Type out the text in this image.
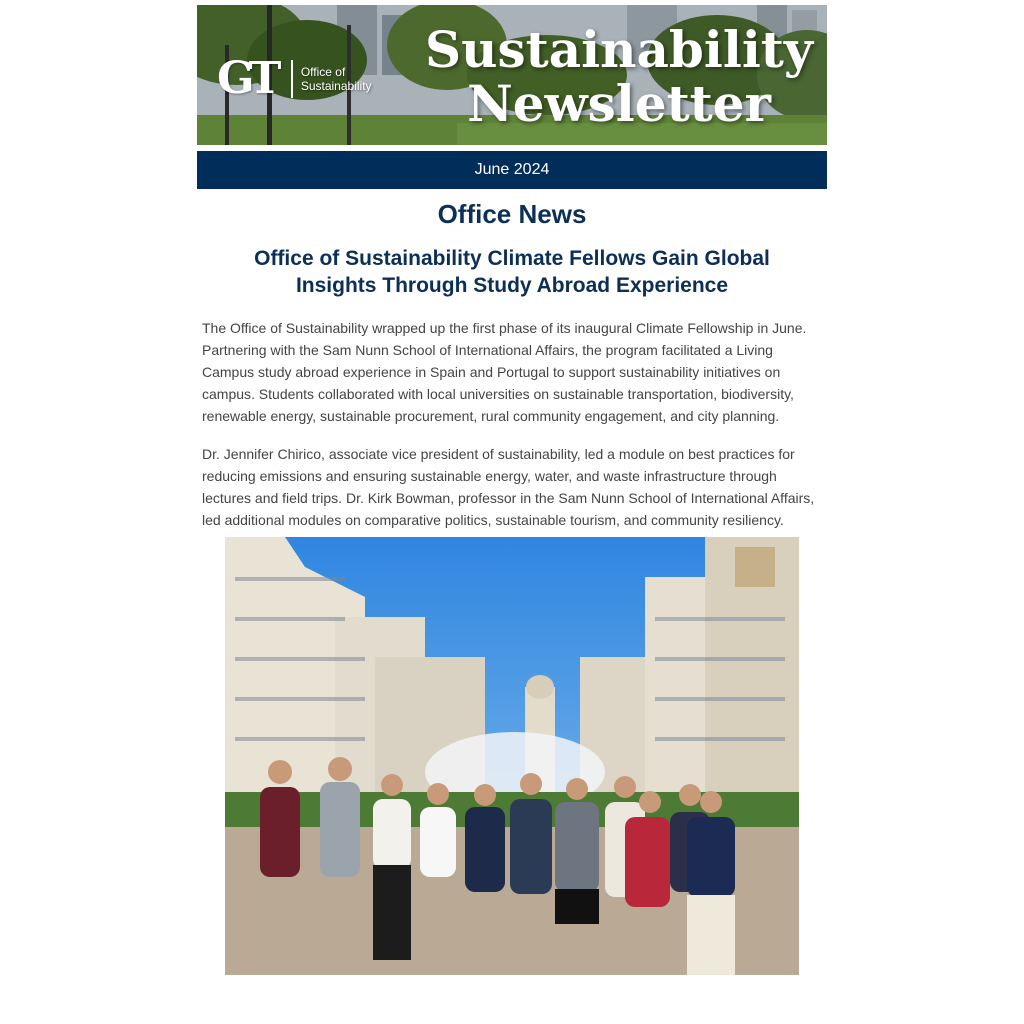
GT Office of
Sustainability
Sustainability
Newsletter
June 2024
Office News
Office of Sustainability Climate Fellows Gain Global Insights Through Study Abroad Experience

The Office of Sustainability wrapped up the first phase of its inaugural Climate Fellowship in June. Partnering with the Sam Nunn School of International Affairs, the program facilitated a Living Campus study abroad experience in Spain and Portugal to support sustainability initiatives on campus. Students collaborated with local universities on sustainable transportation, biodiversity, renewable energy, sustainable procurement, rural community engagement, and city planning.

Dr. Jennifer Chirico, associate vice president of sustainability, led a module on best practices for reducing emissions and ensuring sustainable energy, water, and waste infrastructure through lectures and field trips. Dr. Kirk Bowman, professor in the Sam Nunn School of International Affairs, led additional modules on comparative politics, sustainable tourism, and community resiliency.
